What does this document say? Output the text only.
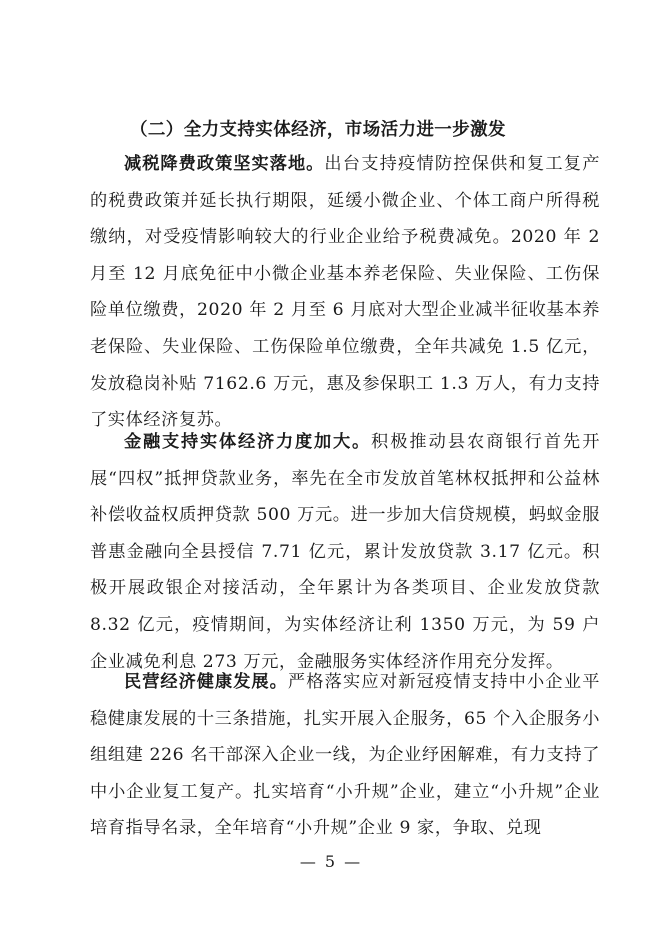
（二）全力支持实体经济，市场活力进一步激发

减税降费政策坚实落地。出台支持疫情防控保供和复工复产的税费政策并延长执行期限，延缓小微企业、个体工商户所得税缴纳，对受疫情影响较大的行业企业给予税费减免。2020 年 2 月至 12 月底免征中小微企业基本养老保险、失业保险、工伤保险单位缴费，2020 年 2 月至 6 月底对大型企业减半征收基本养老保险、失业保险、工伤保险单位缴费，全年共减免 1.5 亿元，发放稳岗补贴 7162.6 万元，惠及参保职工 1.3 万人，有力支持了实体经济复苏。

金融支持实体经济力度加大。积极推动县农商银行首先开展“四权”抵押贷款业务，率先在全市发放首笔林权抵押和公益林补偿收益权质押贷款 500 万元。进一步加大信贷规模，蚂蚁金服普惠金融向全县授信 7.71 亿元，累计发放贷款 3.17 亿元。积极开展政银企对接活动，全年累计为各类项目、企业发放贷款 8.32 亿元，疫情期间，为实体经济让利 1350 万元，为 59 户企业减免利息 273 万元，金融服务实体经济作用充分发挥。

民营经济健康发展。严格落实应对新冠疫情支持中小企业平稳健康发展的十三条措施，扎实开展入企服务，65 个入企服务小组组建 226 名干部深入企业一线，为企业纾困解难，有力支持了中小企业复工复产。扎实培育“小升规”企业，建立“小升规”企业培育指导名录，全年培育“小升规”企业 9 家，争取、兑现

— 5 —
